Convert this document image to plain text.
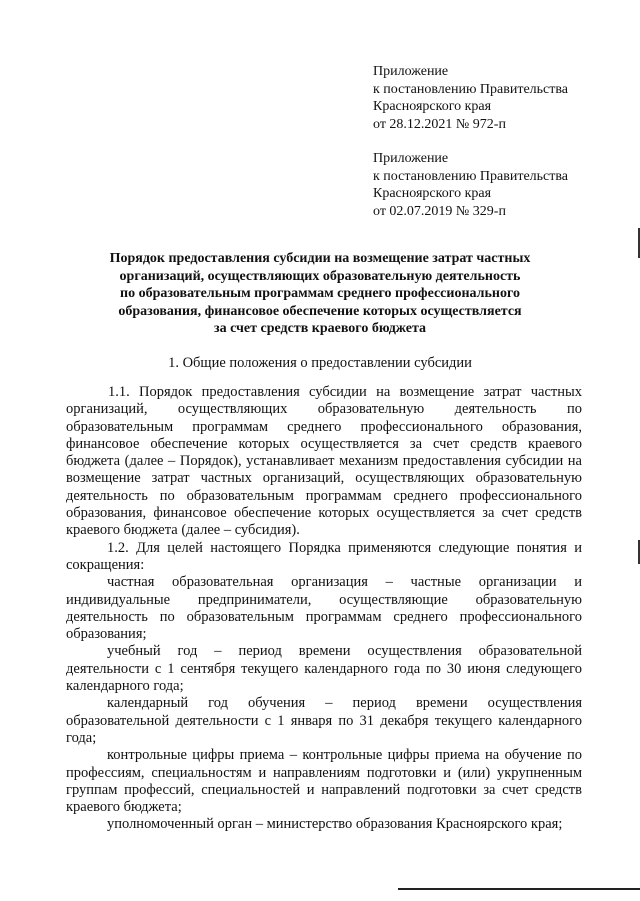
Приложение
к постановлению Правительства
Красноярского края
от 28.12.2021 № 972-п
Приложение
к постановлению Правительства
Красноярского края
от 02.07.2019 № 329-п
Порядок предоставления субсидии на возмещение затрат частных
организаций, осуществляющих образовательную деятельность
по образовательным программам среднего профессионального
образования, финансовое обеспечение которых осуществляется
за счет средств краевого бюджета
1. Общие положения о предоставлении субсидии

1.1. Порядок предоставления субсидии на возмещение затрат частных организаций, осуществляющих образовательную деятельность по образовательным программам среднего профессионального образования, финансовое обеспечение которых осуществляется за счет средств краевого бюджета (далее – Порядок), устанавливает механизм предоставления субсидии на возмещение затрат частных организаций, осуществляющих образовательную деятельность по образовательным программам среднего профессионального образования, финансовое обеспечение которых осуществляется за счет средств краевого бюджета (далее – субсидия).

1.2. Для целей настоящего Порядка применяются следующие понятия и сокращения:

частная образовательная организация – частные организации и индивидуальные предприниматели, осуществляющие образовательную деятельность по образовательным программам среднего профессионального образования;

учебный год – период времени осуществления образовательной деятельности с 1 сентября текущего календарного года по 30 июня следующего календарного года;

календарный год обучения – период времени осуществления образовательной деятельности с 1 января по 31 декабря текущего календарного года;

контрольные цифры приема – контрольные цифры приема на обучение по профессиям, специальностям и направлениям подготовки и (или) укрупненным группам профессий, специальностей и направлений подготовки за счет средств краевого бюджета;

уполномоченный орган – министерство образования Красноярского края;
